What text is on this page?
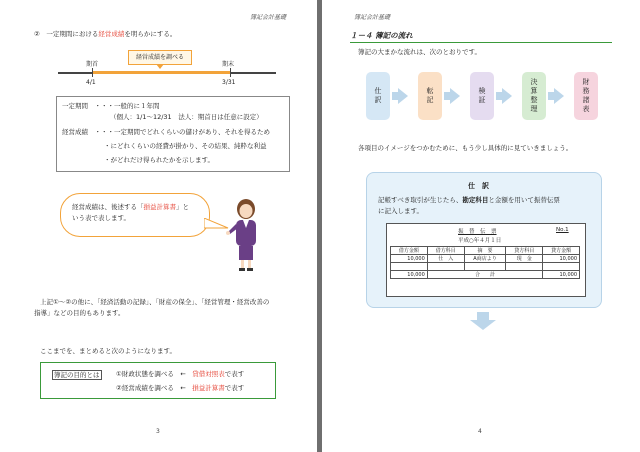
簿記会計基礎
②　一定期間における経営成績を明らかにする。
経営成績を調べる
期首	期末
4/1	3/31
一定期間　・・・一般的に１年間
（個人：1/1～12/31　法人：期首日は任意に設定）
経営成績　・・・一定期間でどれくらいの儲けがあり、それを得るため
・にどれくらいの経費が掛かり、その結果、純粋な利益
・がどれだけ得られたかを示します。
経営成績は、後述する「損益計算書」と
いう表で表します。
上記①～②の他に、「経済活動の記録」、「財産の保全」、「経営管理・経営改善の
指導」などの目的もあります。
ここまでを、まとめると次のようになります。
簿記の目的とは	①財政状態を調べる　←　 貸借対照表で表す
②経営成績を調べる　←　 損益計算書で表す
3
簿記会計基礎
１－４ 簿記の流れ
簿記の大まかな流れは、次のとおりです。
仕訳	転記	検証	決算整理	財務諸表
各項目のイメージをつかむために、もう少し具体的に見ていきましょう。
仕　訳
記帳すべき取引が生じたら、勘定科目と金額を用いて振替伝票
に記入します。
振　替　伝　票	No.1
平成○年４月１日
借方金額	借方科目	摘　要	貸方科目	貸方金額
10,000	仕　入	A商店より	現　金	10,000

10,000	合　　計			10,000
4
